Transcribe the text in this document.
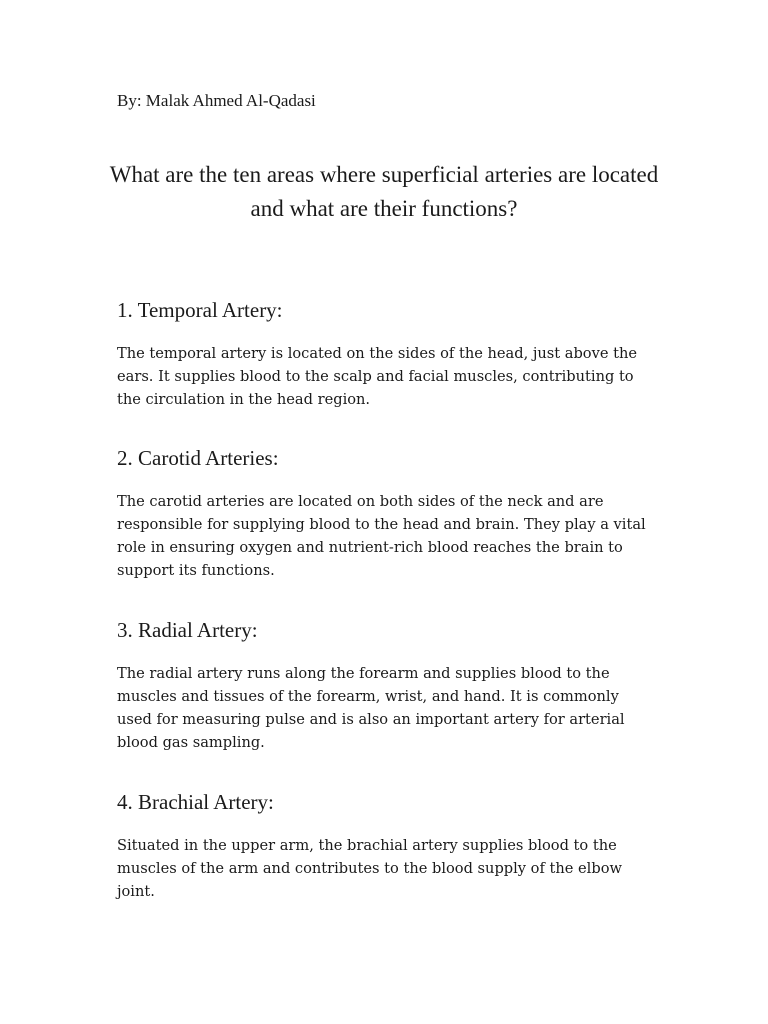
By: Malak Ahmed Al-Qadasi
What are the ten areas where superficial arteries are located and what are their functions?
1. Temporal Artery:

The temporal artery is located on the sides of the head, just above the ears. It supplies blood to the scalp and facial muscles, contributing to the circulation in the head region.

2. Carotid Arteries:

The carotid arteries are located on both sides of the neck and are responsible for supplying blood to the head and brain. They play a vital role in ensuring oxygen and nutrient-rich blood reaches the brain to support its functions.

3. Radial Artery:

The radial artery runs along the forearm and supplies blood to the muscles and tissues of the forearm, wrist, and hand. It is commonly used for measuring pulse and is also an important artery for arterial blood gas sampling.

4. Brachial Artery:

Situated in the upper arm, the brachial artery supplies blood to the muscles of the arm and contributes to the blood supply of the elbow joint.
